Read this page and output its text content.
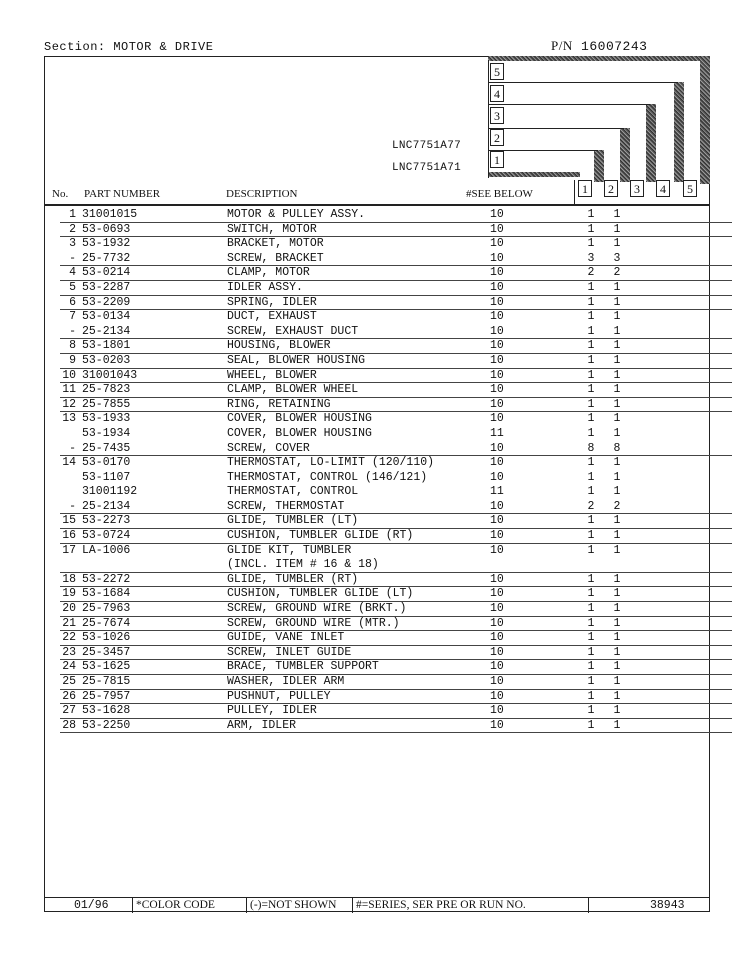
Section: MOTOR & DRIVE	P/N 16007243
5
4
3
2
1
LNC7751A77
LNC7751A71
1	2	3	4	5
No. PART NUMBER	DESCRIPTION	#SEE BELOW
1 31001015	MOTOR & PULLEY ASSY.	10	1	1
2 53-0693	SWITCH, MOTOR	10	1	1
3 53-1932	BRACKET, MOTOR	10	1	1
- 25-7732	SCREW, BRACKET	10	3	3
4 53-0214	CLAMP, MOTOR	10	2	2
5 53-2287	IDLER ASSY.	10	1	1
6 53-2209	SPRING, IDLER	10	1	1
7 53-0134	DUCT, EXHAUST	10	1	1
- 25-2134	SCREW, EXHAUST DUCT	10	1	1
8 53-1801	HOUSING, BLOWER	10	1	1
9 53-0203	SEAL, BLOWER HOUSING	10	1	1
10 31001043	WHEEL, BLOWER	10	1	1
11 25-7823	CLAMP, BLOWER WHEEL	10	1	1
12 25-7855	RING, RETAINING	10	1	1
13 53-1933	COVER, BLOWER HOUSING	10	1	1
53-1934	COVER, BLOWER HOUSING	11	1	1
- 25-7435	SCREW, COVER	10	8	8
14 53-0170	THERMOSTAT, LO-LIMIT (120/110)	10	1	1
53-1107	THERMOSTAT, CONTROL (146/121)	10	1	1
31001192	THERMOSTAT, CONTROL	11	1	1
- 25-2134	SCREW, THERMOSTAT	10	2	2
15 53-2273	GLIDE, TUMBLER (LT)	10	1	1
16 53-0724	CUSHION, TUMBLER GLIDE (RT)	10	1	1
17 LA-1006	GLIDE KIT, TUMBLER	10	1	1
(INCL. ITEM # 16 & 18)
18 53-2272	GLIDE, TUMBLER (RT)	10	1	1
19 53-1684	CUSHION, TUMBLER GLIDE (LT)	10	1	1
20 25-7963	SCREW, GROUND WIRE (BRKT.)	10	1	1
21 25-7674	SCREW, GROUND WIRE (MTR.)	10	1	1
22 53-1026	GUIDE, VANE INLET	10	1	1
23 25-3457	SCREW, INLET GUIDE	10	1	1
24 53-1625	BRACE, TUMBLER SUPPORT	10	1	1
25 25-7815	WASHER, IDLER ARM	10	1	1
26 25-7957	PUSHNUT, PULLEY	10	1	1
27 53-1628	PULLEY, IDLER	10	1	1
28 53-2250	ARM, IDLER	10	1	1
01/96 *COLOR CODE	(-)=NOT SHOWN #=SERIES, SER PRE OR RUN NO.	38943
